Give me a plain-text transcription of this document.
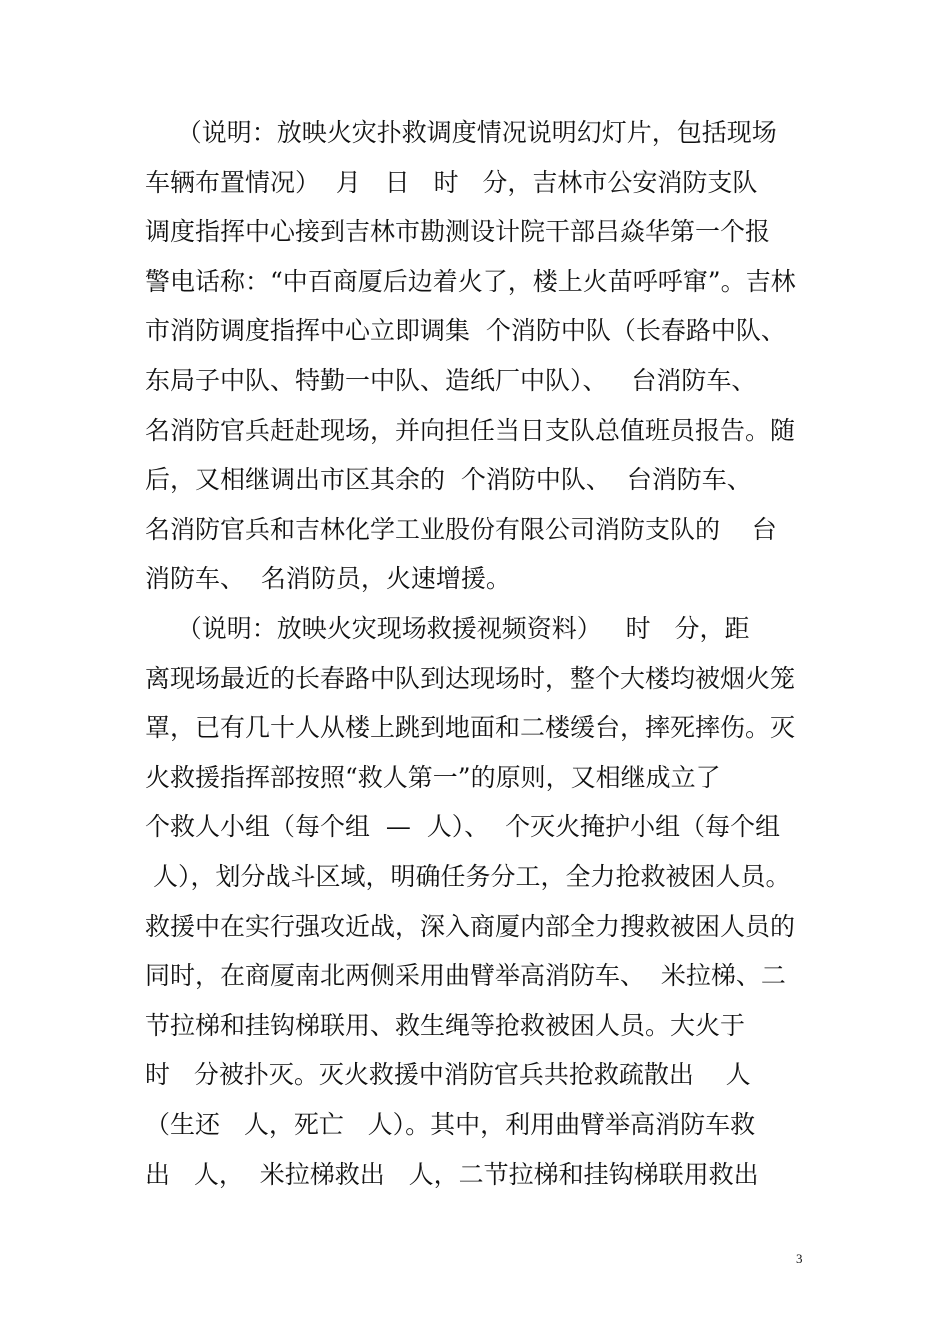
（说明：放映火灾扑救调度情况说明幻灯片，包括现场
车辆布置情况）  月   日   时   分，吉林市公安消防支队
调度指挥中心接到吉林市勘测设计院干部吕焱华第一个报
警电话称：“中百商厦后边着火了，楼上火苗呼呼窜”。吉林
市消防调度指挥中心立即调集  个消防中队（长春路中队、
东局子中队、特勤一中队、造纸厂中队）、   台消防车、
名消防官兵赶赴现场，并向担任当日支队总值班员报告。随
后，又相继调出市区其余的  个消防中队、  台消防车、
名消防官兵和吉林化学工业股份有限公司消防支队的    台
消防车、  名消防员，火速增援。
（说明：放映火灾现场救援视频资料）   时   分，距
离现场最近的长春路中队到达现场时，整个大楼均被烟火笼
罩，已有几十人从楼上跳到地面和二楼缓台，摔死摔伤。灭
火救援指挥部按照“救人第一”的原则，又相继成立了
个救人小组（每个组  —  人）、  个灭火掩护小组（每个组
人），划分战斗区域，明确任务分工，全力抢救被困人员。
救援中在实行强攻近战，深入商厦内部全力搜救被困人员的
同时，在商厦南北两侧采用曲臂举高消防车、  米拉梯、二
节拉梯和挂钩梯联用、救生绳等抢救被困人员。大火于
时   分被扑灭。灭火救援中消防官兵共抢救疏散出    人
（生还   人，死亡   人）。其中，利用曲臂举高消防车救
出   人，  米拉梯救出   人，二节拉梯和挂钩梯联用救出
3
